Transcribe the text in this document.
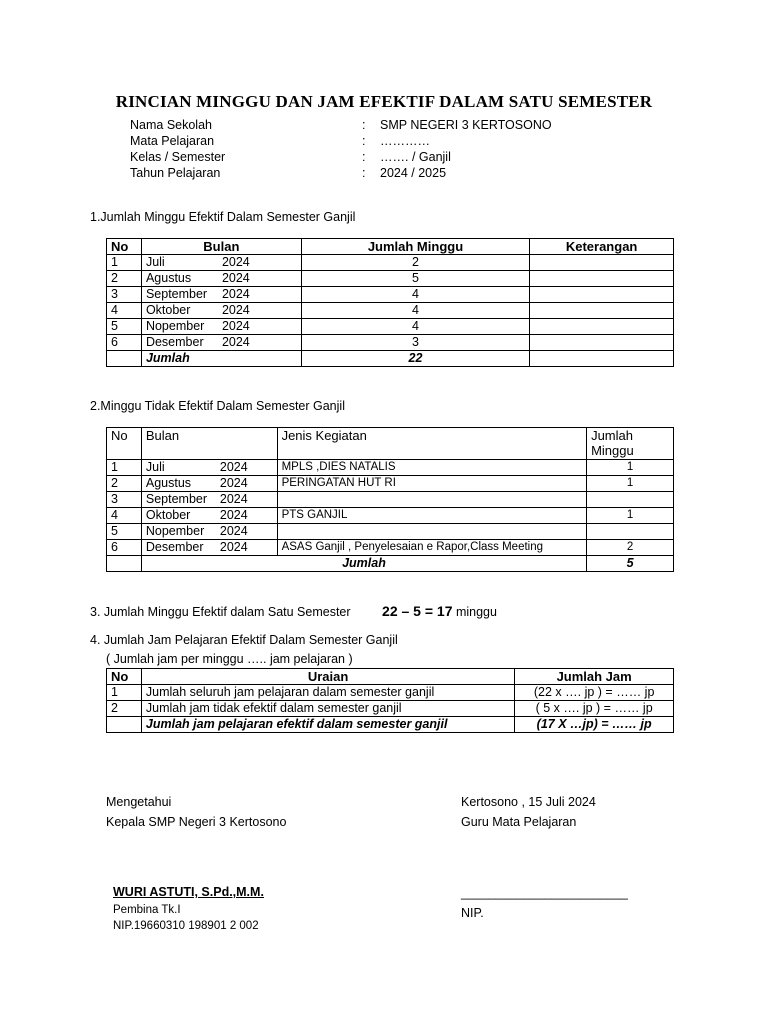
RINCIAN MINGGU DAN JAM EFEKTIF DALAM SATU SEMESTER
Nama Sekolah	: SMP NEGERI 3 KERTOSONO
Mata Pelajaran	: …………
Kelas / Semester	: ……. / Ganjil
Tahun Pelajaran	: 2024 / 2025
1.Jumlah Minggu Efektif Dalam Semester Ganjil
No	Bulan	Jumlah Minggu	Keterangan
1	Juli 2024	2	
2	Agustus 2024	5	
3	September 2024	4	
4	Oktober 2024	4	
5	Nopember 2024	4	
6	Desember 2024	3	
	Jumlah	22	
2.Minggu Tidak Efektif Dalam Semester Ganjil
No	Bulan	Jenis Kegiatan	Jumlah Minggu
1	Juli 2024	MPLS ,DIES NATALIS	1
2	Agustus 2024	PERINGATAN HUT RI	1
3	September 2024		
4	Oktober 2024	PTS GANJIL	1
5	Nopember 2024		
6	Desember 2024	ASAS Ganjil , Penyelesaian e Rapor,Class Meeting	2
	Jumlah		5
3. Jumlah Minggu Efektif dalam Satu Semester 22 – 5 = 17 minggu
4. Jumlah Jam Pelajaran Efektif Dalam Semester Ganjil
( Jumlah jam per minggu ….. jam pelajaran )
No	Uraian	Jumlah Jam
1	Jumlah seluruh jam pelajaran dalam semester ganjil	(22 x …. jp ) = …… jp
2	Jumlah jam tidak efektif dalam semester ganjil	( 5 x …. jp ) = …… jp
	Jumlah jam pelajaran efektif dalam semester ganjil	(17 X …jp) = …… jp
Mengetahui
Kepala SMP Negeri 3 Kertosono
WURI ASTUTI, S.Pd.,M.M.
Pembina Tk.I
NIP.19660310 198901 2 002
Kertosono , 15 Juli 2024
Guru Mata Pelajaran
________________________
NIP.
